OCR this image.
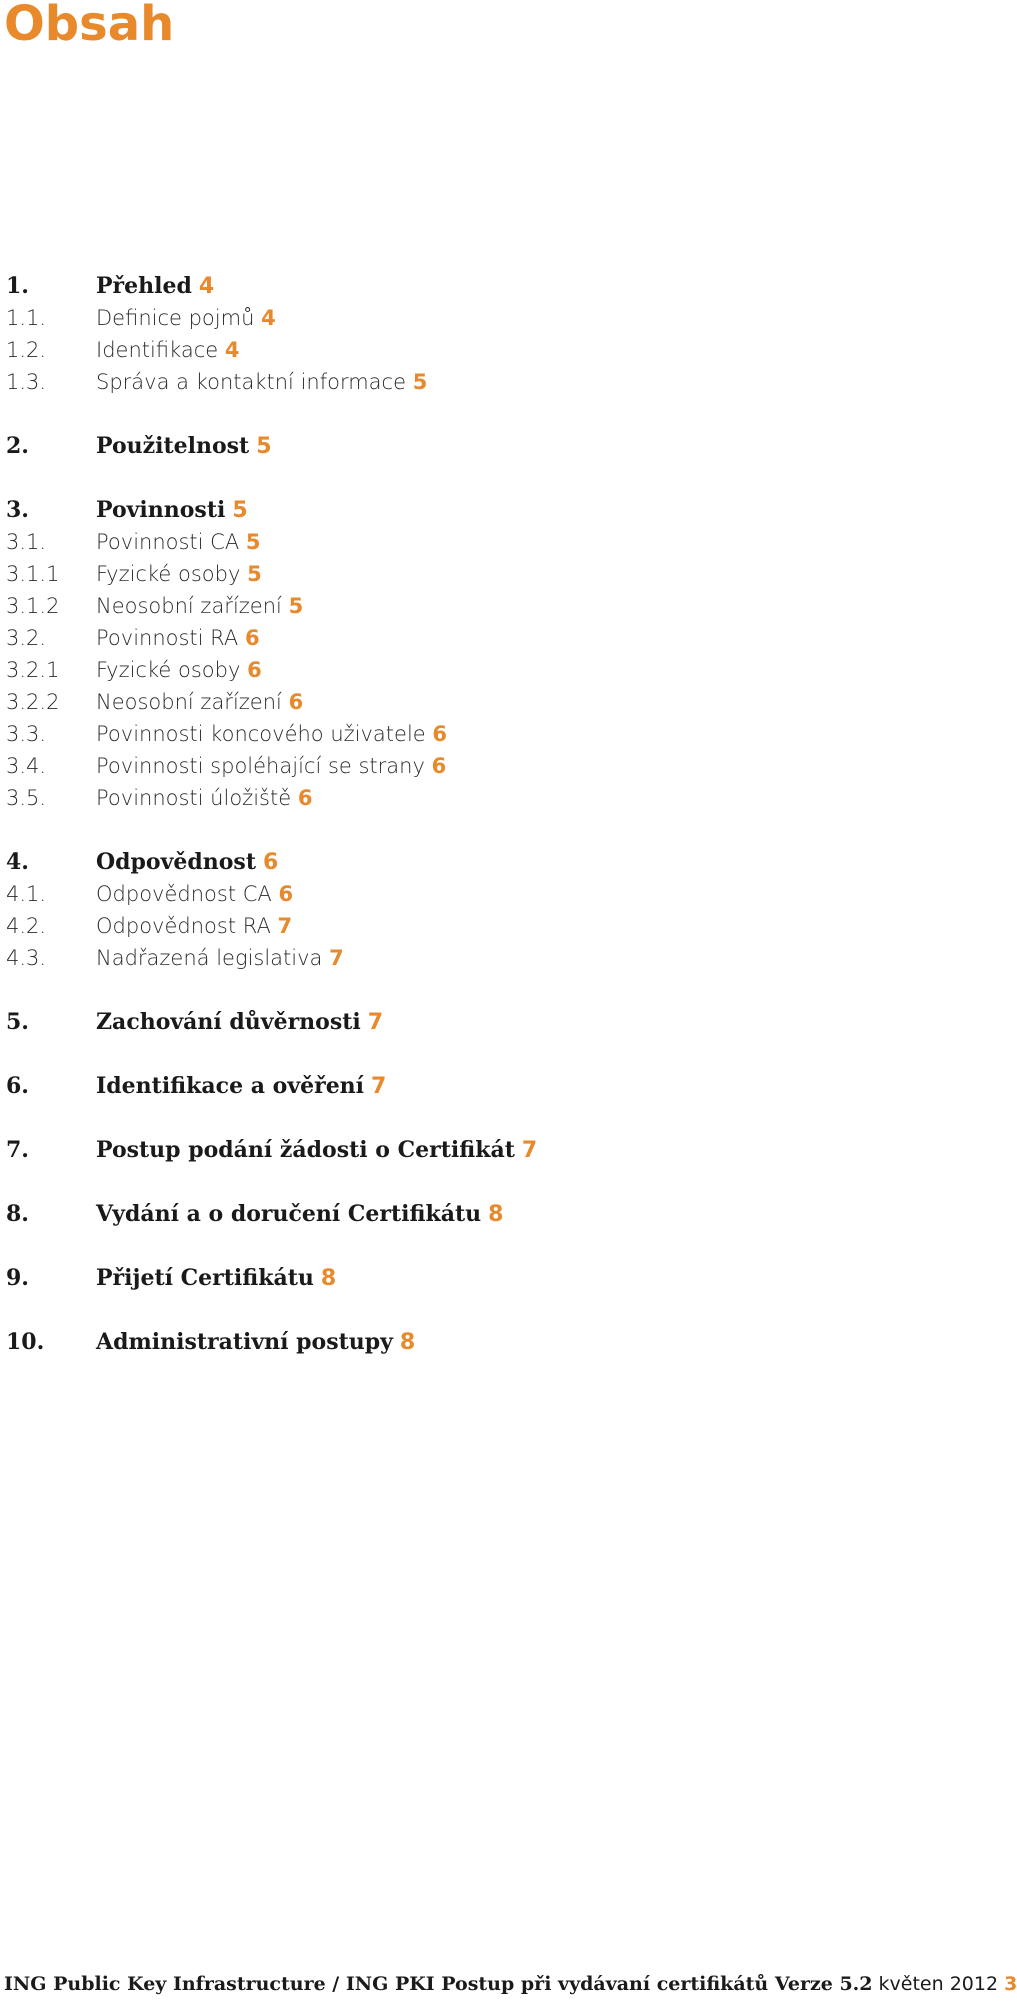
Obsah
1.	Přehled 4
1.1. Definice pojmů 4
1.2. Identifikace 4
1.3. Správa a kontaktní informace 5
2.	Použitelnost 5
3.	Povinnosti 5
3.1. Povinnosti CA 5
3.1.1 Fyzické osoby 5
3.1.2 Neosobní zařízení 5
3.2. Povinnosti RA 6
3.2.1 Fyzické osoby 6
3.2.2 Neosobní zařízení 6
3.3. Povinnosti koncového uživatele 6
3.4. Povinnosti spoléhající se strany 6
3.5. Povinnosti úložiště 6
4.	Odpovědnost 6
4.1. Odpovědnost CA 6
4.2. Odpovědnost RA 7
4.3. Nadřazená legislativa 7
5.	Zachování důvěrnosti 7
6.	Identifikace a ověření 7
7.	Postup podání žádosti o Certifikát 7
8.	Vydání a o doručení Certifikátu 8
9.	Přijetí Certifikátu 8
10. Administrativní postupy 8
ING Public Key Infrastructure / ING PKI Postup při vydávaní certifikátů Verze 5.2 květen 2012 3
